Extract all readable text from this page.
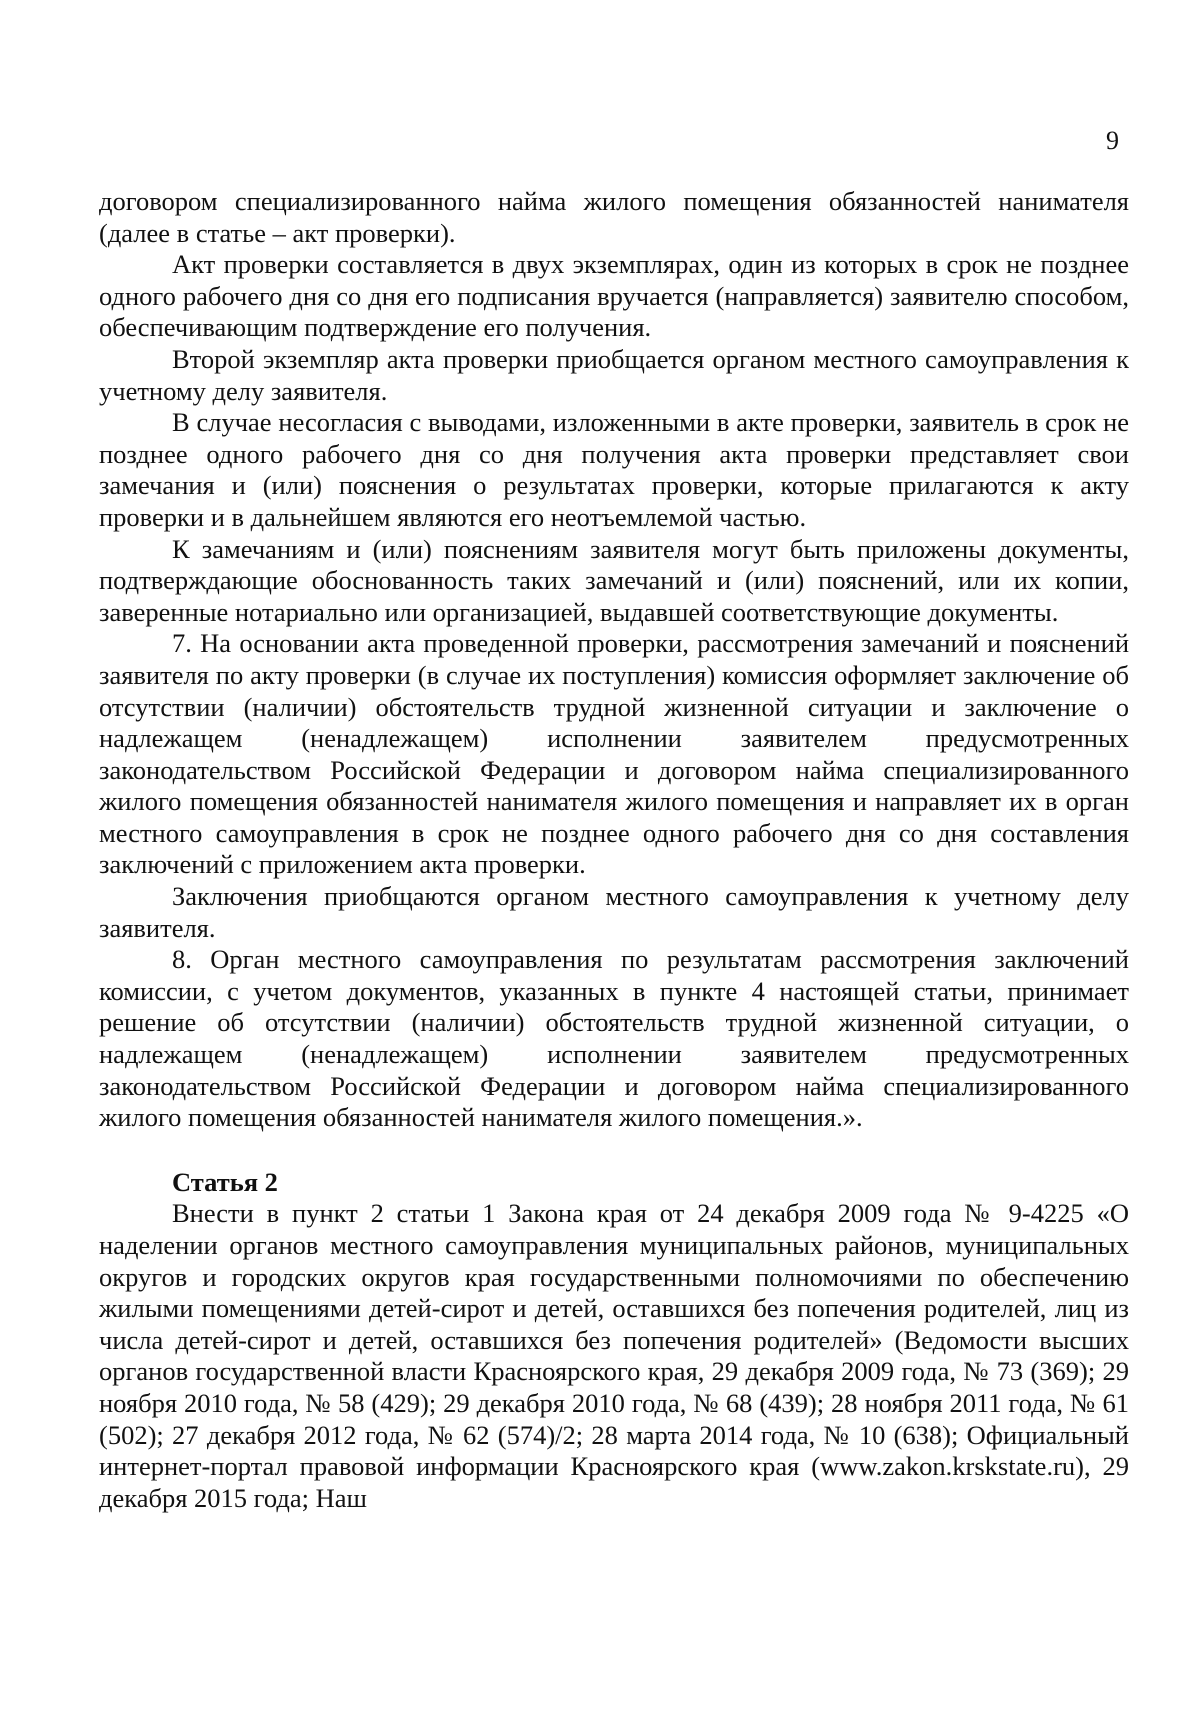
9

договором специализированного найма жилого помещения обязанностей нанимателя (далее в статье – акт проверки).

Акт проверки составляется в двух экземплярах, один из которых в срок не позднее одного рабочего дня со дня его подписания вручается (направляется) заявителю способом, обеспечивающим подтверждение его получения.

Второй экземпляр акта проверки приобщается органом местного самоуправления к учетному делу заявителя.

В случае несогласия с выводами, изложенными в акте проверки, заявитель в срок не позднее одного рабочего дня со дня получения акта проверки представляет свои замечания и (или) пояснения о результатах проверки, которые прилагаются к акту проверки и в дальнейшем являются его неотъемлемой частью.

К замечаниям и (или) пояснениям заявителя могут быть приложены документы, подтверждающие обоснованность таких замечаний и (или) пояснений, или их копии, заверенные нотариально или организацией, выдавшей соответствующие документы.

7. На основании акта проведенной проверки, рассмотрения замечаний и пояснений заявителя по акту проверки (в случае их поступления) комиссия оформляет заключение об отсутствии (наличии) обстоятельств трудной жизненной ситуации и заключение о надлежащем (ненадлежащем) исполнении заявителем предусмотренных законодательством Российской Федерации и договором найма специализированного жилого помещения обязанностей нанимателя жилого помещения и направляет их в орган местного самоуправления в срок не позднее одного рабочего дня со дня составления заключений с приложением акта проверки.

Заключения приобщаются органом местного самоуправления к учетному делу заявителя.

8. Орган местного самоуправления по результатам рассмотрения заключений комиссии, с учетом документов, указанных в пункте 4 настоящей статьи, принимает решение об отсутствии (наличии) обстоятельств трудной жизненной ситуации, о надлежащем (ненадлежащем) исполнении заявителем предусмотренных законодательством Российской Федерации и договором найма специализированного жилого помещения обязанностей нанимателя жилого помещения.».

Статья 2

Внести в пункт 2 статьи 1 Закона края от 24 декабря 2009 года № 9-4225 «О наделении органов местного самоуправления муниципальных районов, муниципальных округов и городских округов края государственными полномочиями по обеспечению жилыми помещениями детей-сирот и детей, оставшихся без попечения родителей, лиц из числа детей-сирот и детей, оставшихся без попечения родителей» (Ведомости высших органов государственной власти Красноярского края, 29 декабря 2009 года, № 73 (369); 29 ноября 2010 года, № 58 (429); 29 декабря 2010 года, № 68 (439); 28 ноября 2011 года, № 61 (502); 27 декабря 2012 года, № 62 (574)/2; 28 марта 2014 года, № 10 (638); Официальный интернет-портал правовой информации Красноярского края (www.zakon.krskstate.ru), 29 декабря 2015 года; Наш
